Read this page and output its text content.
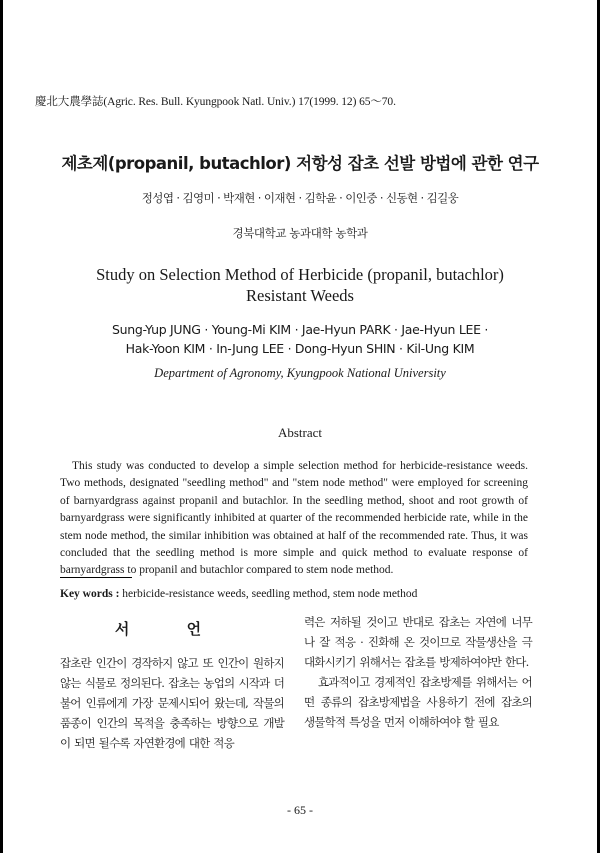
慶北大農學誌(Agric. Res. Bull. Kyungpook Natl. Univ.) 17(1999. 12) 65～70.
제초제(propanil, butachlor) 저항성 잡초 선발 방법에 관한 연구
정성엽 · 김영미 · 박재현 · 이재현 · 김학윤 · 이인중 · 신동현 · 김길웅
경북대학교 농과대학 농학과
Study on Selection Method of Herbicide (propanil, butachlor)
Resistant Weeds
Sung-Yup JUNG · Young-Mi KIM · Jae-Hyun PARK · Jae-Hyun LEE ·
Hak-Yoon KIM · In-Jung LEE · Dong-Hyun SHIN · Kil-Ung KIM
Department of Agronomy, Kyungpook National University
Abstract
This study was conducted to develop a simple selection method for herbicide-resistance weeds. Two methods, designated "seedling method" and "stem node method" were employed for screening of barnyardgrass against propanil and butachlor. In the seedling method, shoot and root growth of barnyardgrass were significantly inhibited at quarter of the recommended herbicide rate, while in the stem node method, the similar inhibition was obtained at half of the recommended rate. Thus, it was concluded that the seedling method is more simple and quick method to evaluate response of barnyardgrass to propanil and butachlor compared to stem node method.
Key words : herbicide-resistance weeds, seedling method, stem node method
서 언

잡초란 인간이 경작하지 않고 또 인간이 원하지 않는 식물로 정의된다. 잡초는 농업의 시작과 더불어 인류에게 가장 문제시되어 왔는데, 작물의 품종이 인간의 목적을 충족하는 방향으로 개발이 되면 될수록 자연환경에 대한 적응

력은 저하될 것이고 반대로 잡초는 자연에 너무나 잘 적응 · 진화해 온 것이므로 작물생산을 극대화시키기 위해서는 잡초를 방제하여야만 한다.

효과적이고 경제적인 잡초방제를 위해서는 어떤 종류의 잡초방제법을 사용하기 전에 잡초의 생물학적 특성을 먼저 이해하여야 할 필요

- 65 -
